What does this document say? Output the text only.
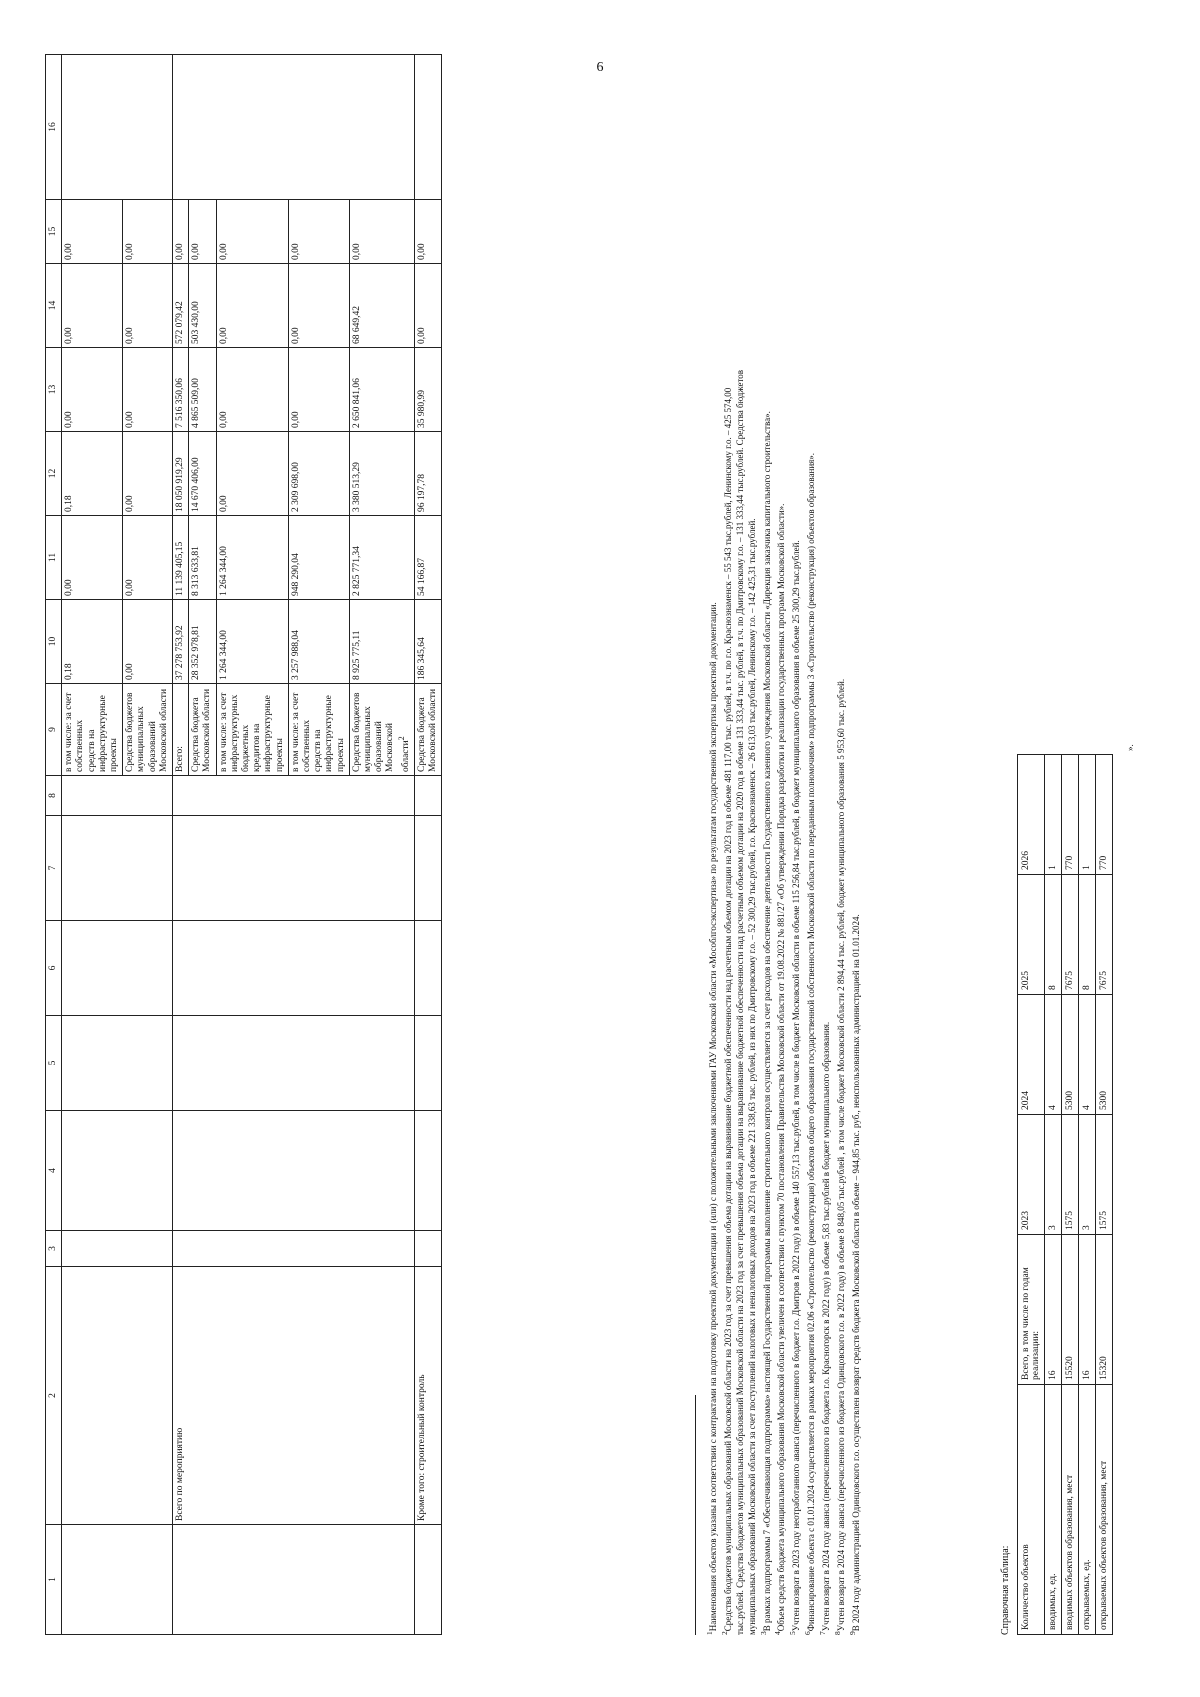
6
1	2	3	4	5	6	7	8	9	10	11	12	13	14	15	16
								в том числе: за счет собственных средств на инфраструктурные проекты	0,18	0,00	0,18	0,00	0,00	0,00	
								Средства бюджетов муниципальных образований Московской области	0,00	0,00	0,00	0,00	0,00	0,00	
	Всего по мероприятию							Всего:	37 278 753,92	11 139 405,15	18 050 919,29	7 516 350,06	572 079,42	0,00	
								Средства бюджета Московской области	28 352 978,81	8 313 633,81	14 670 406,00	4 865 509,00	503 430,00	0,00	
								в том числе: за счет инфраструктурных бюджетных кредитов на инфраструктурные проекты	1 264 344,00	1 264 344,00	0,00	0,00	0,00	0,00	
								в том числе: за счет собственных средств на инфраструктурные проекты	3 257 988,04	948 290,04	2 309 698,00	0,00	0,00	0,00	
								Средства бюджетов муниципальных образований Московской области$^2$	8 925 775,11	2 825 771,34	3 380 513,29	2 650 841,06	68 649,42	0,00	
	Кроме того: строительный контроль							Средства бюджета Московской области	186 345,64	54 166,87	96 197,78	35 980,99	0,00	0,00	
$^1$Наименования объектов указаны в соответствии с контрактами на подготовку проектной документации и (или) с положительными заключениями ГАУ Московской области «Мособлгосэкспертиза» по результатам государственной экспертизы проектной документации.
$^2$Средства бюджетов муниципальных образований Московской области на 2023 год за счет превышения объема дотации на выравнивание бюджетной обеспеченности над расчетным объемом дотации на 2023 год в объеме 481 117,00 тыс. рублей, в т.ч. по г.о. Краснознаменск – 55 543 тыс.рублей, Ленинскому г.о. – 425 574,00 тыс.рублей. Средства бюджетов муниципальных образований Московской области на 2023 год за счет превышения объема дотации на выравнивание бюджетной обеспеченности над расчетным объемом дотации на 2020 год в объеме 131 333,44 тыс. рублей, в т.ч. по Дмитровскому г.о. – 131 333,44 тыс.рублей. Средства бюджетов муниципальных образований Московской области за счет поступлений налоговых и неналоговых доходов на 2023 год в объеме 221 338,63 тыс. рублей, из них по Дмитровскому г.о. – 52 300,29 тыс.рублей, г.о. Краснознаменск – 26 613,03 тыс.рублей, Ленинскому г.о. – 142 425,31 тыс.рублей. $^3$В рамках подпрограммы 7 «Обеспечивающая подпрограмма» настоящей Государственной программы выполнение строительного контроля осуществляется за счет расходов на обеспечение деятельности Государственного казенного учреждения Московской области «Дирекция заказчика капитального строительства».
$^4$Объем средств бюджета муниципального образования Московской области увеличен в соответствии с пунктом 70 постановления Правительства Московской области от 19.08.2022 № 881/27 «Об утверждении Порядка разработки и реализации государственных программ Московской области».
$^5$Учтен возврат в 2023 году неотработанного аванса (перечисленного в бюджет г.о. Дмитров в 2022 году) в объеме 140 557,13 тыс.рублей, в том числе в бюджет Московской области в объеме 115 256,84 тыс.рублей, в бюджет муниципального образования в объеме 25 300,29 тыс.рублей.
$^6$Финансирование объекта с 01.01.2024 осуществляется в рамках мероприятия 02.06 «Строительство (реконструкция) объектов общего образования государственной собственности Московской области по переданным полномочиям» подпрограммы 3 «Строительство (реконструкция) объектов образования».
$^7$Учтен возврат в 2024 году аванса (перечисленного из бюджета г.о. Красногорск в 2022 году) в объеме 5,83 тыс.рублей в бюджет муниципального образования.
$^8$Учтен возврат в 2024 году аванса (перечисленного из бюджета Одинцовского г.о. в 2022 году) в объеме 8 848,05 тыс.рублей , в том числе бюджет Московской области 2 894,44 тыс. рублей, бюджет муниципального образования 5 953,60 тыс. рублей.
$^9$В 2024 году администрацией Одинцовского г.о. осуществлен возврат средств бюджета Московской области в объеме – 944,85 тыс. руб., неиспользованных администрацией на 01.01.2024.	Справочная таблица: Количество объектов	Всего, в том числе по годам реализации:	2023	2024	2025	2026
вводимых, ед.	16	3	4	8	1
вводимых объектов образования, мест	15520	1575	5300	7675	770
открываемых, ед.	16	3	4	8	1
открываемых объектов образования, мест	15320	1575	5300	7675	770
».
